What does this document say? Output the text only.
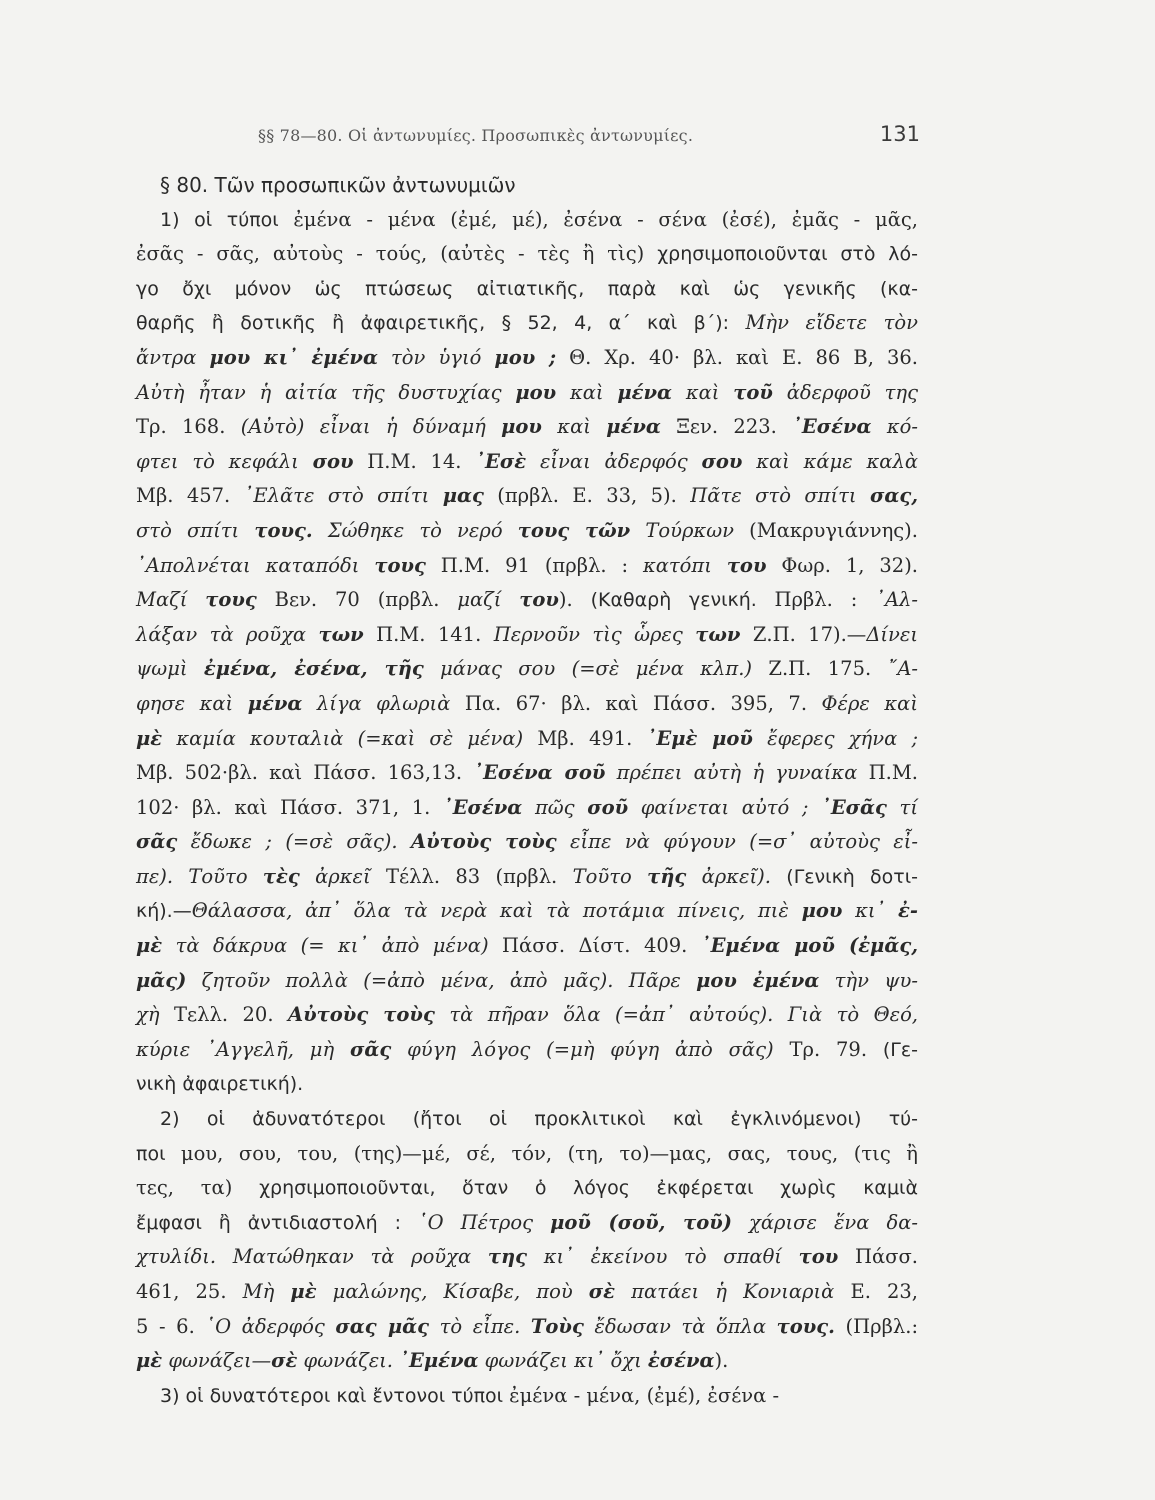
§§ 78—80. Οἱ ἀντωνυμίες. Προσωπικὲς ἀντωνυμίες.	131
§ 80. Τῶν προσωπικῶν ἀντωνυμιῶν
1) οἱ τύποι ἐμένα - μένα (ἐμέ, μέ), ἐσένα - σένα (ἐσέ), ἐμᾶς - μᾶς,
ἐσᾶς - σᾶς, αὐτοὺς - τούς, (αὐτὲς - τὲς ἢ τὶς) χρησιμοποιοῦνται στὸ λό-
γο ὄχι μόνον ὡς πτώσεως αἰτιατικῆς, παρὰ καὶ ὡς γενικῆς (κα-
θαρῆς ἢ δοτικῆς ἢ ἀφαιρετικῆς, § 52, 4, α΄ καὶ β΄): Μὴν εἴδετε τὸν
ἄντρα μου κι᾿ ἐμένα τὸν ὑγιό μου ; Θ. Χρ. 40· βλ. καὶ Ε. 86 Β, 36.
Αὐτὴ ἦταν ἡ αἰτία τῆς δυστυχίας μου καὶ μένα καὶ τοῦ ἀδερφοῦ της
Τρ. 168. (Αὐτὸ) εἶναι ἡ δύναμή μου καὶ μένα Ξεν. 223. ᾿Εσένα κό-
φτει τὸ κεφάλι σου Π.Μ. 14. ᾿Εσὲ εἶναι ἀδερφός σου καὶ κάμε καλὰ
Μβ. 457. ᾿Ελᾶτε στὸ σπίτι μας (πρβλ. Ε. 33, 5). Πᾶτε στὸ σπίτι σας,
στὸ σπίτι τους. Σώθηκε τὸ νερό τους τῶν Τούρκων (Μακρυγιάννης).
᾿Απολνέται καταπόδι τους Π.Μ. 91 (πρβλ. : κατόπι του Φωρ. 1, 32).
Μαζί τους Βεν. 70 (πρβλ. μαζί του). (Καθαρὴ γενική. Πρβλ. : ᾿Αλ-
λάξαν τὰ ροῦχα των Π.Μ. 141. Περνοῦν τὶς ὧρες των Ζ.Π. 17).—Δίνει
ψωμὶ ἐμένα, ἐσένα, τῆς μάνας σου (=σὲ μένα κλπ.) Ζ.Π. 175. ῎Α-
φησε καὶ μένα λίγα φλωριὰ Πα. 67· βλ. καὶ Πάσσ. 395, 7. Φέρε καὶ
μὲ καμία κουταλιὰ (=καὶ σὲ μένα) Μβ. 491. ᾿Εμὲ μοῦ ἔφερες χήνα ;
Μβ. 502·βλ. καὶ Πάσσ. 163,13. ᾿Εσένα σοῦ πρέπει αὐτὴ ἡ γυναίκα Π.Μ.
102· βλ. καὶ Πάσσ. 371, 1. ᾿Εσένα πῶς σοῦ φαίνεται αὐτό ; ᾿Εσᾶς τί
σᾶς ἔδωκε ; (=σὲ σᾶς). Αὐτοὺς τοὺς εἶπε νὰ φύγουν (=σ᾿ αὐτοὺς εἶ-
πε). Τοῦτο τὲς ἀρκεῖ Τέλλ. 83 (πρβλ. Τοῦτο τῆς ἀρκεῖ). (Γενικὴ δοτι-
κή).—Θάλασσα, ἀπ᾿ ὅλα τὰ νερὰ καὶ τὰ ποτάμια πίνεις, πιὲ μου κι᾿ ἐ-
μὲ τὰ δάκρυα (= κι᾿ ἀπὸ μένα) Πάσσ. Δίστ. 409. ᾿Εμένα μοῦ (ἐμᾶς,
μᾶς) ζητοῦν πολλὰ (=ἀπὸ μένα, ἀπὸ μᾶς). Πᾶρε μου ἐμένα τὴν ψυ-
χὴ Τελλ. 20. Αὐτοὺς τοὺς τὰ πῆραν ὅλα (=ἀπ᾿ αὐτούς). Γιὰ τὸ Θεό,
κύριε ᾿Αγγελῆ, μὴ σᾶς φύγη λόγος (=μὴ φύγη ἀπὸ σᾶς) Τρ. 79. (Γε-
νικὴ ἀφαιρετική).
2) οἱ ἀδυνατότεροι (ἤτοι οἱ προκλιτικοὶ καὶ ἐγκλινόμενοι) τύ-
ποι μου, σου, του, (της)—μέ, σέ, τόν, (τη, το)—μας, σας, τους, (τις ἢ
τες, τα) χρησιμοποιοῦνται, ὅταν ὁ λόγος ἐκφέρεται χωρὶς καμιὰ
ἔμφασι ἢ ἀντιδιαστολή : ῾Ο Πέτρος μοῦ (σοῦ, τοῦ) χάρισε ἕνα δα-
χτυλίδι. Ματώθηκαν τὰ ροῦχα της κι᾿ ἐκείνου τὸ σπαθί του Πάσσ.
461, 25. Μὴ μὲ μαλώνης, Κίσαβε, ποὺ σὲ πατάει ἡ Κονιαριὰ Ε. 23,
5 - 6. ῾Ο ἀδερφός σας μᾶς τὸ εἶπε. Τοὺς ἔδωσαν τὰ ὅπλα τους. (Πρβλ.:
μὲ φωνάζει—σὲ φωνάζει. ᾿Εμένα φωνάζει κι᾿ ὄχι ἐσένα).
3) οἱ δυνατότεροι καὶ ἔντονοι τύποι ἐμένα - μένα, (ἐμέ), ἐσένα -
